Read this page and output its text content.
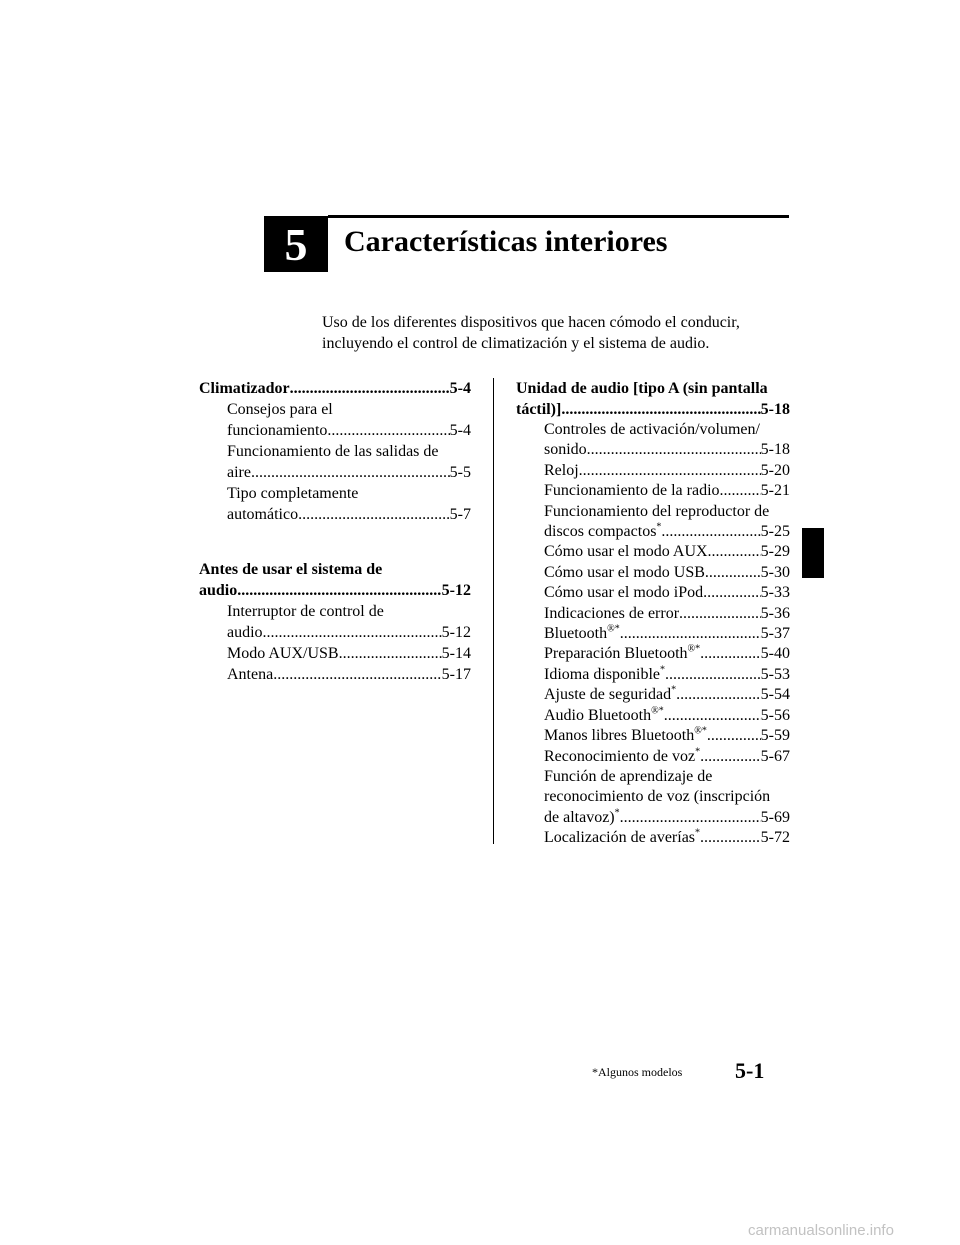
5 Características interiores
Uso de los diferentes dispositivos que hacen cómodo el conducir,
incluyendo el control de climatización y el sistema de audio.
Climatizador .....	5-4
Consejos para el
funcionamiento .....	5-4
Funcionamiento de las salidas de
aire .....	5-5
Tipo completamente
automático .....	5-7
Antes de usar el sistema de
audio .....	5-12
Interruptor de control de
audio .....	5-12
Modo AUX/USB .....	5-14
Antena .....	5-17
Unidad de audio [tipo A (sin pantalla
táctil)] .....	5-18
Controles de activación/volumen/
sonido .....	5-18
Reloj .....	5-20
Funcionamiento de la radio .....	5-21
Funcionamiento del reproductor de
discos compactos* .....	5-25
Cómo usar el modo AUX .....	5-29
Cómo usar el modo USB .....	5-30
Cómo usar el modo iPod .....	5-33
Indicaciones de error .....	5-36
Bluetooth®* .....	5-37
Preparación Bluetooth®* .....	5-40
Idioma disponible* .....	5-53
Ajuste de seguridad* .....	5-54
Audio Bluetooth®* .....	5-56
Manos libres Bluetooth®* .....	5-59
Reconocimiento de voz* .....	5-67
Función de aprendizaje de
reconocimiento de voz (inscripción
de altavoz)* .....	5-69
Localización de averías* .....	5-72
*Algunos modelos 5-1
carmanualsonline.info
